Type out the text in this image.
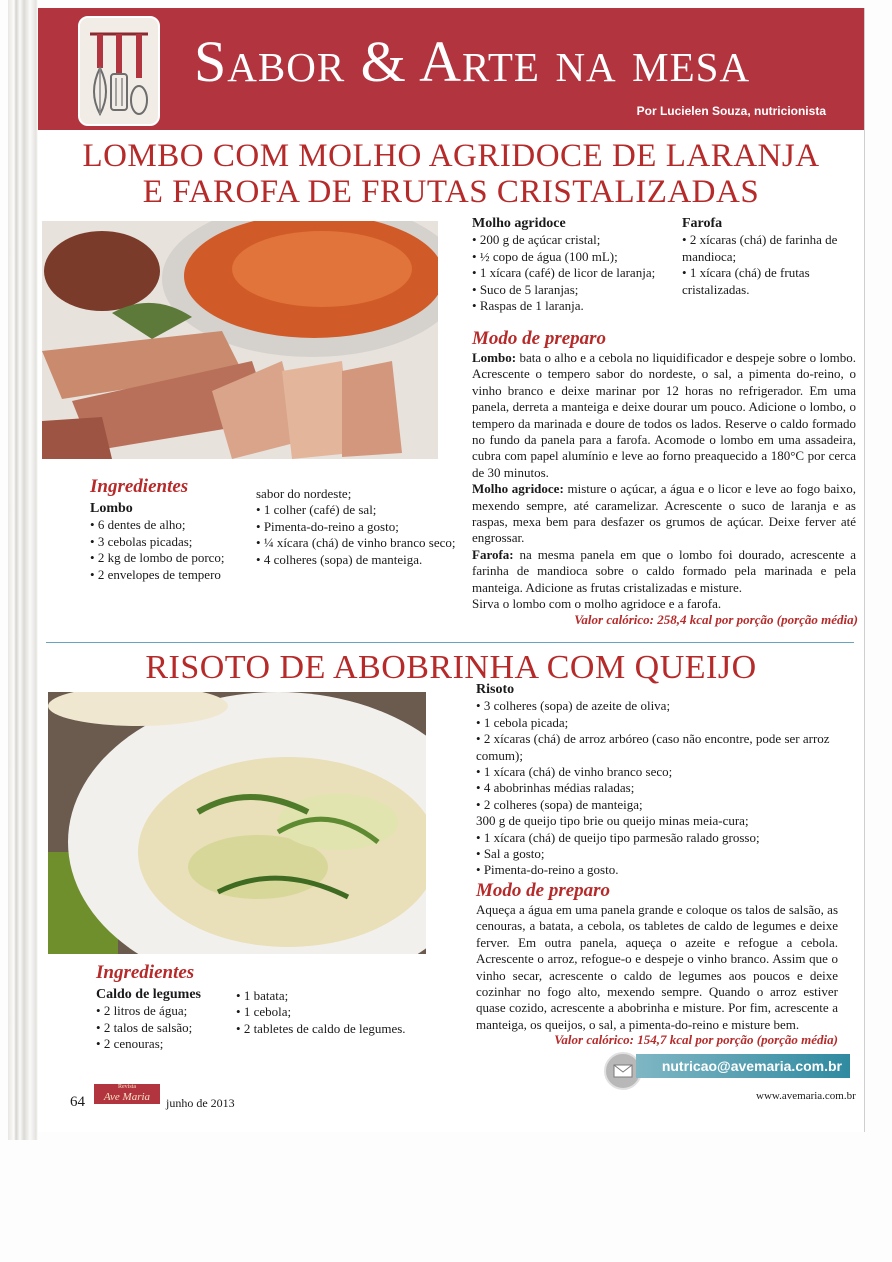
Sabor & Arte na mesa
Por Lucielen Souza, nutricionista
LOMBO COM MOLHO AGRIDOCE DE LARANJA
E FAROFA DE FRUTAS CRISTALIZADAS

Ingredientes

Lombo

• 6 dentes de alho;

• 3 cebolas picadas;

• 2 kg de lombo de porco;

• 2 envelopes de tempero

sabor do nordeste;

• 1 colher (café) de sal;

• Pimenta-do-reino a gosto;

• ¼ xícara (chá) de vinho branco seco;

• 4 colheres (sopa) de manteiga.

Molho agridoce

• 200 g de açúcar cristal;

• ½ copo de água (100 mL);

• 1 xícara (café) de licor de laranja;

• Suco de 5 laranjas;

• Raspas de 1 laranja.

Farofa

• 2 xícaras (chá) de farinha de mandioca;

• 1 xícara (chá) de frutas cristalizadas.

Modo de preparo

Lombo: bata o alho e a cebola no liquidificador e despeje sobre o lombo. Acrescente o tempero sabor do nordeste, o sal, a pimenta do-reino, o vinho branco e deixe marinar por 12 horas no refrigerador. Em uma panela, derreta a manteiga e deixe dourar um pouco. Adicione o lombo, o tempero da marinada e doure de todos os lados. Reserve o caldo formado no fundo da panela para a farofa. Acomode o lombo em uma assadeira, cubra com papel alumínio e leve ao forno preaquecido a 180°C por cerca de 30 minutos.

Molho agridoce: misture o açúcar, a água e o licor e leve ao fogo baixo, mexendo sempre, até caramelizar. Acrescente o suco de laranja e as raspas, mexa bem para desfazer os grumos de açúcar. Deixe ferver até engrossar.

Farofa: na mesma panela em que o lombo foi dourado, acrescente a farinha de mandioca sobre o caldo formado pela marinada e pela manteiga. Adicione as frutas cristalizadas e misture.

Sirva o lombo com o molho agridoce e a farofa.

Valor calórico: 258,4 kcal por porção (porção média)
RISOTO DE ABOBRINHA COM QUEIJO

Ingredientes

Caldo de legumes

• 2 litros de água;

• 2 talos de salsão;

• 2 cenouras;

• 1 batata;

• 1 cebola;

• 2 tabletes de caldo de legumes.

Risoto

• 3 colheres (sopa) de azeite de oliva;

• 1 cebola picada;

• 2 xícaras (chá) de arroz arbóreo (caso não encontre, pode ser arroz comum);

• 1 xícara (chá) de vinho branco seco;

• 4 abobrinhas médias raladas;

• 2 colheres (sopa) de manteiga;

300 g de queijo tipo brie ou queijo minas meia-cura;

• 1 xícara (chá) de queijo tipo parmesão ralado grosso;

• Sal a gosto;

• Pimenta-do-reino a gosto.

Modo de preparo

Aqueça a água em uma panela grande e coloque os talos de salsão, as cenouras, a batata, a cebola, os tabletes de caldo de legumes e deixe ferver. Em outra panela, aqueça o azeite e refogue a cebola. Acrescente o arroz, refogue-o e despeje o vinho branco. Assim que o vinho secar, acrescente o caldo de legumes aos poucos e deixe cozinhar no fogo alto, mexendo sempre. Quando o arroz estiver quase cozido, acrescente a abobrinha e misture. Por fim, acrescente a manteiga, os queijos, o sal, a pimenta-do-reino e misture bem.

Valor calórico: 154,7 kcal por porção (porção média)
nutricao@avemaria.com.br
64
Revista
Ave Maria	junho de 2013	www.avemaria.com.br
